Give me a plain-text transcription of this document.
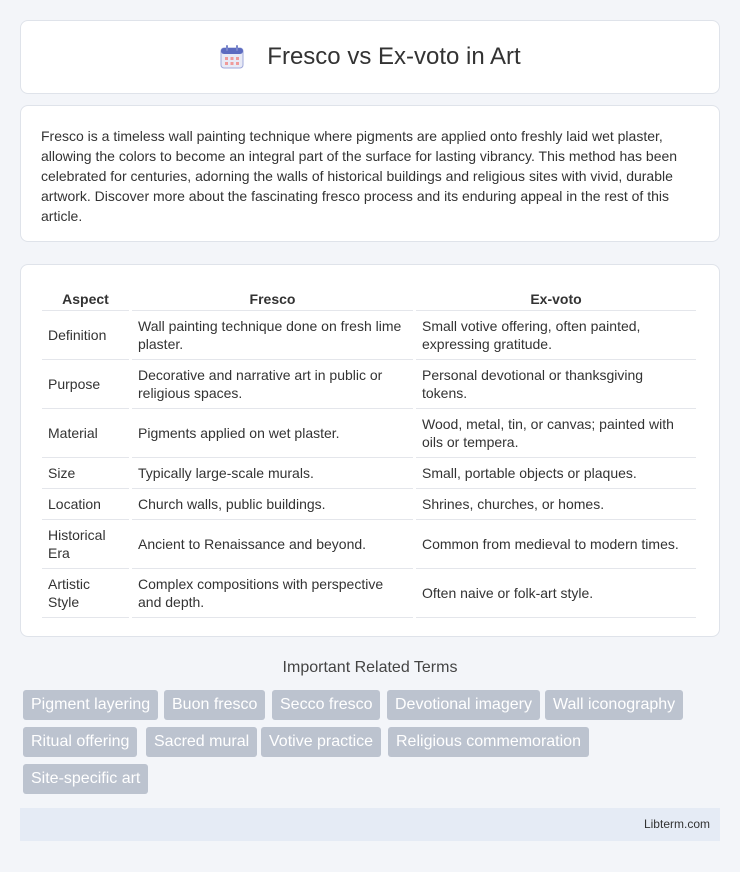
Fresco vs Ex-voto in Art

Fresco is a timeless wall painting technique where pigments are applied onto freshly laid wet plaster, allowing the colors to become an integral part of the surface for lasting vibrancy. This method has been celebrated for centuries, adorning the walls of historical buildings and religious sites with vivid, durable artwork. Discover more about the fascinating fresco process and its enduring appeal in the rest of this article.

Aspect	Fresco	Ex-voto
Definition	Wall painting technique done on fresh lime plaster.	Small votive offering, often painted, expressing gratitude.
Purpose	Decorative and narrative art in public or religious spaces.	Personal devotional or thanksgiving tokens.
Material	Pigments applied on wet plaster.	Wood, metal, tin, or canvas; painted with oils or tempera.
Size	Typically large-scale murals.	Small, portable objects or plaques.
Location	Church walls, public buildings.	Shrines, churches, or homes.
Historical Era	Ancient to Renaissance and beyond.	Common from medieval to modern times.
Artistic Style	Complex compositions with perspective and depth.	Often naive or folk-art style.
Important Related Terms
Pigment layering	Buon fresco	Secco fresco	Devotional imagery	Wall iconography
Ritual offering	Sacred mural	Votive practice	Religious commemoration
Site-specific art
Libterm.com
